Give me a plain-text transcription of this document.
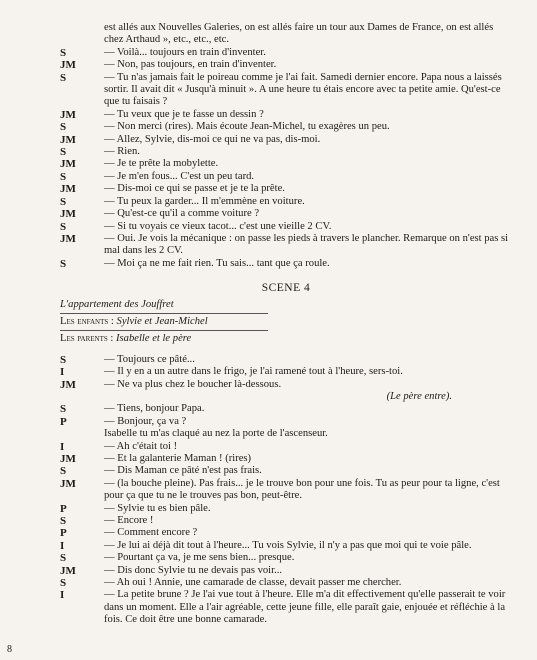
est allés aux Nouvelles Galeries, on est allés faire un tour aux Dames de France, on est allés chez Arthaud », etc., etc., etc.
S	— Voilà... toujours en train d'inventer.
JM	— Non, pas toujours, en train d'inventer.
S	— Tu n'as jamais fait le poireau comme je l'ai fait. Samedi dernier encore. Papa nous a laissés sortir. Il avait dit « Jusqu'à minuit ». A une heure tu étais encore avec ta petite amie. Qu'est-ce que tu faisais ?
JM	— Tu veux que je te fasse un dessin ?
S	— Non merci (rires). Mais écoute Jean-Michel, tu exagères un peu.
JM	— Allez, Sylvie, dis-moi ce qui ne va pas, dis-moi.
S	— Rien.
JM	— Je te prête la mobylette.
S	— Je m'en fous... C'est un peu tard.
JM	— Dis-moi ce qui se passe et je te la prête.
S	— Tu peux la garder... Il m'emmène en voiture.
JM	— Qu'est-ce qu'il a comme voiture ?
S	— Si tu voyais ce vieux tacot... c'est une vieille 2 CV.
JM	— Oui. Je vois la mécanique : on passe les pieds à travers le plancher. Remarque on n'est pas si mal dans les 2 CV.
S	— Moi ça ne me fait rien. Tu sais... tant que ça roule.
SCENE 4
L'appartement des Jouffret
Les enfants : Sylvie et Jean-Michel
Les parents : Isabelle et le père
S	— Toujours ce pâté...
I	— Il y en a un autre dans le frigo, je l'ai ramené tout à l'heure, sers-toi.
JM	— Ne va plus chez le boucher là-dessous.
(Le père entre).
S	— Tiens, bonjour Papa.
P	— Bonjour, ça va ?
Isabelle tu m'as claqué au nez la porte de l'ascenseur.
I	— Ah c'était toi !
JM	— Et la galanterie Maman ! (rires)
S	— Dis Maman ce pâté n'est pas frais.
JM	— (la bouche pleine). Pas frais... je le trouve bon pour une fois. Tu as peur pour ta ligne, c'est pour ça que tu ne le trouves pas bon, peut-être.
P	— Sylvie tu es bien pâle.
S	— Encore !
P	— Comment encore ?
I	— Je lui ai déjà dit tout à l'heure... Tu vois Sylvie, il n'y a pas que moi qui te voie pâle.
S	— Pourtant ça va, je me sens bien... presque.
JM	— Dis donc Sylvie tu ne devais pas voir...
S	— Ah oui ! Annie, une camarade de classe, devait passer me chercher.
I	— La petite brune ? Je l'ai vue tout à l'heure. Elle m'a dit effectivement qu'elle passerait te voir dans un moment. Elle a l'air agréable, cette jeune fille, elle paraît gaie, enjouée et réfléchie à la fois. Ce doit être une bonne camarade.
8
